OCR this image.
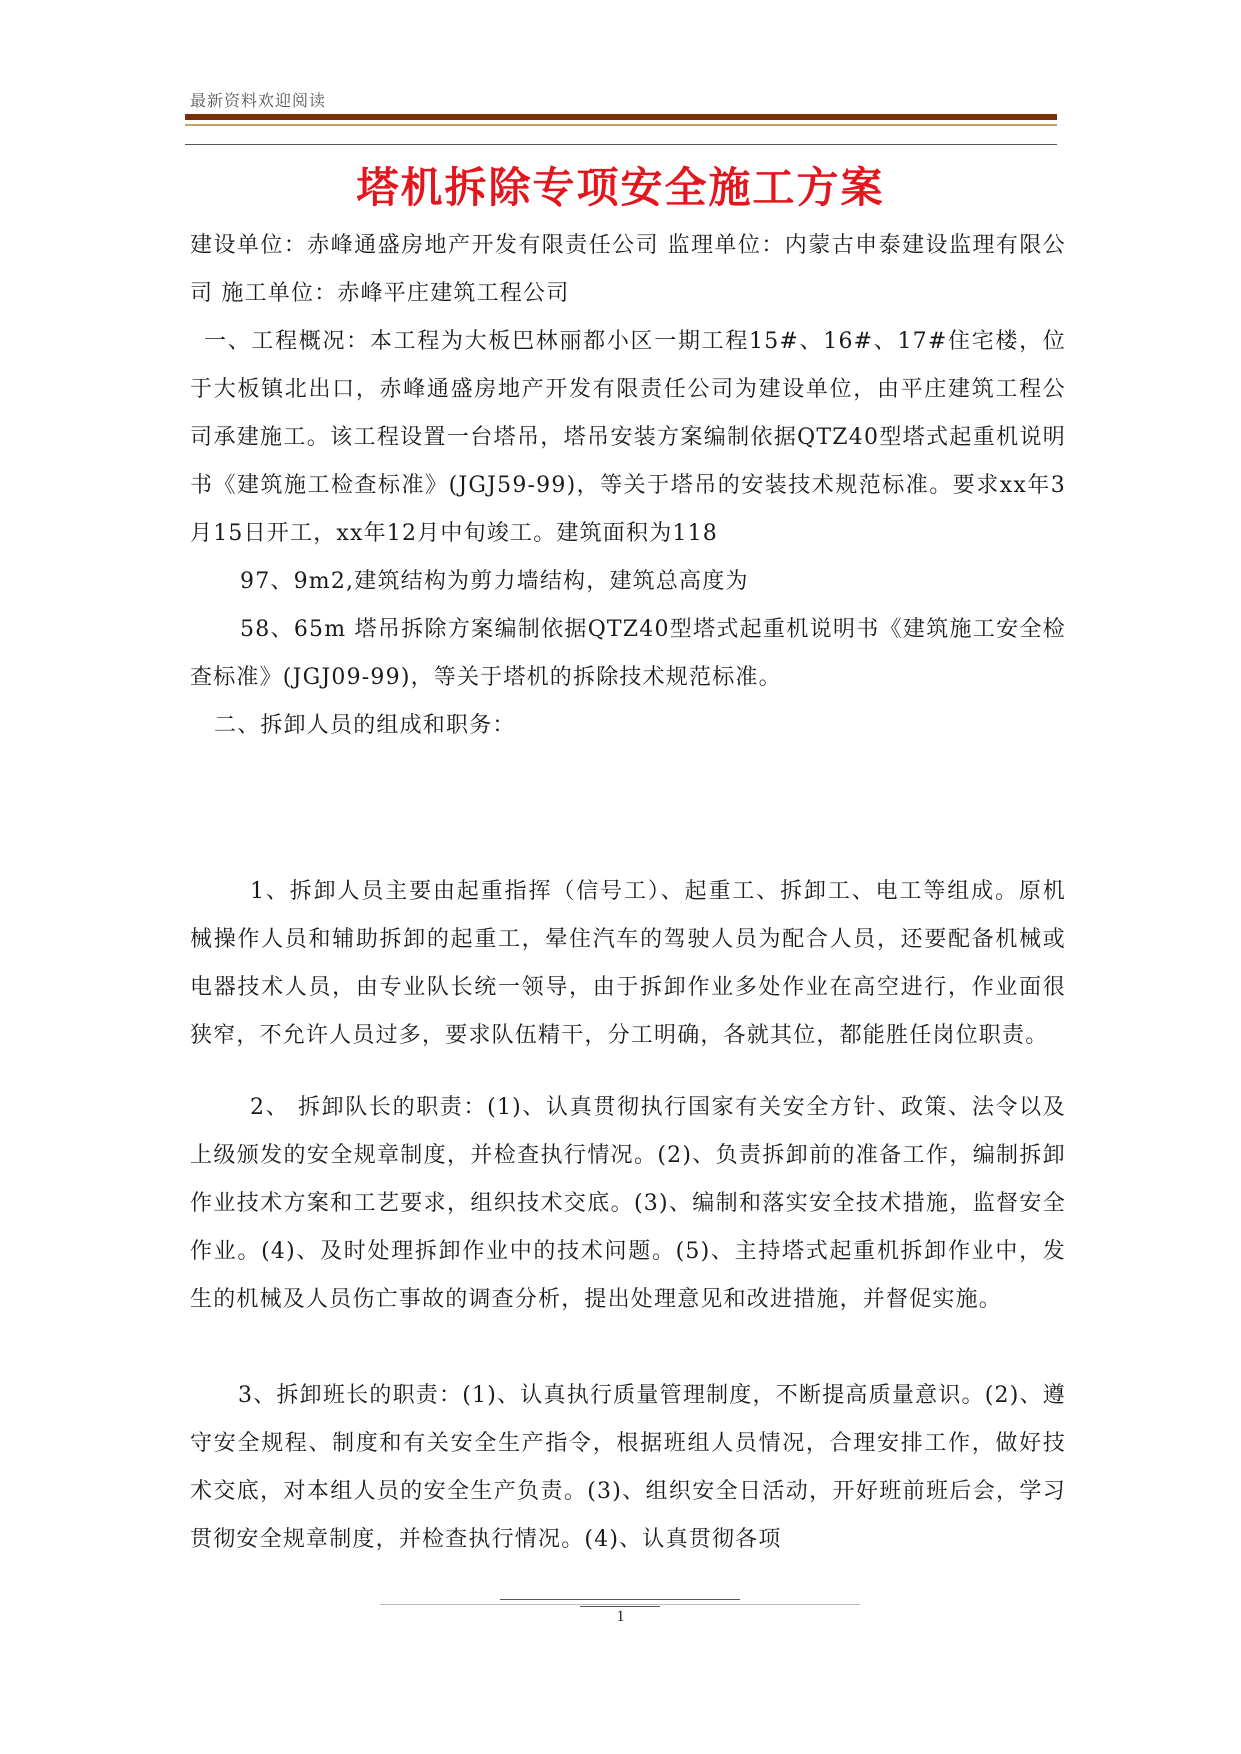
最新资料欢迎阅读
塔机拆除专项安全施工方案

建设单位：赤峰通盛房地产开发有限责任公司 监理单位：内蒙古申泰建设监理有限公司 施工单位：赤峰平庄建筑工程公司

一、工程概况：本工程为大板巴林丽都小区一期工程15#、16#、17#住宅楼，位于大板镇北出口，赤峰通盛房地产开发有限责任公司为建设单位，由平庄建筑工程公司承建施工。该工程设置一台塔吊，塔吊安装方案编制依据QTZ40型塔式起重机说明书《建筑施工检查标准》(JGJ59-99)，等关于塔吊的安装技术规范标准。要求xx年3月15日开工，xx年12月中旬竣工。建筑面积为118

97、9m2,建筑结构为剪力墙结构，建筑总高度为

58、65m 塔吊拆除方案编制依据QTZ40型塔式起重机说明书《建筑施工安全检查标准》(JGJ09-99)，等关于塔机的拆除技术规范标准。

二、拆卸人员的组成和职务：

1、拆卸人员主要由起重指挥（信号工）、起重工、拆卸工、电工等组成。原机械操作人员和辅助拆卸的起重工，晕住汽车的驾驶人员为配合人员，还要配备机械或电器技术人员，由专业队长统一领导，由于拆卸作业多处作业在高空进行，作业面很狭窄，不允许人员过多，要求队伍精干，分工明确，各就其位，都能胜任岗位职责。

2、 拆卸队长的职责：(1)、认真贯彻执行国家有关安全方针、政策、法令以及上级颁发的安全规章制度，并检查执行情况。(2)、负责拆卸前的准备工作，编制拆卸作业技术方案和工艺要求，组织技术交底。(3)、编制和落实安全技术措施，监督安全作业。(4)、及时处理拆卸作业中的技术问题。(5)、主持塔式起重机拆卸作业中，发生的机械及人员伤亡事故的调查分析，提出处理意见和改进措施，并督促实施。

3、拆卸班长的职责：(1)、认真执行质量管理制度，不断提高质量意识。(2)、遵守安全规程、制度和有关安全生产指令，根据班组人员情况，合理安排工作，做好技术交底，对本组人员的安全生产负责。(3)、组织安全日活动，开好班前班后会，学习贯彻安全规章制度，并检查执行情况。(4)、认真贯彻各项

1
